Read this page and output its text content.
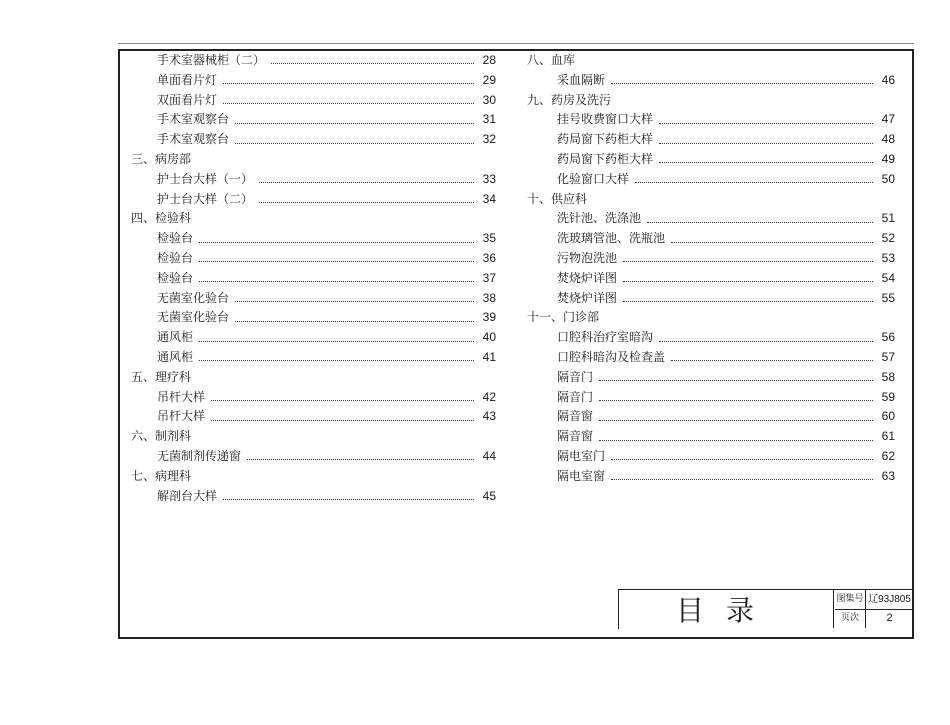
手术室器械柜（二）	28
单面看片灯	29
双面看片灯	30
手术室观察台	31
手术室观察台	32
三、病房部
护士台大样（一）	33
护士台大样（二）	34
四、检验科
检验台	35
检验台	36
检验台	37
无菌室化验台	38
无菌室化验台	39
通风柜	40
通风柜	41
五、理疗科
吊杆大样	42
吊杆大样	43
六、制剂科
无菌制剂传递窗	44
七、病理科
解剖台大样	45
八、血库
采血隔断	46
九、药房及洗污
挂号收费窗口大样	47
药局窗下药柜大样	48
药局窗下药柜大样	49
化验窗口大样	50
十、供应科
洗针池、洗涤池	51
洗玻璃管池、洗瓶池	52
污物泡洗池	53
焚烧炉详图	54
焚烧炉详图	55
十一、门诊部
口腔科治疗室暗沟	56
口腔科暗沟及检查盖	57
隔音门	58
隔音门	59
隔音窗	60
隔音窗	61
隔电室门	62
隔电室窗	63
目录	图集号 辽93J805
页次	2
